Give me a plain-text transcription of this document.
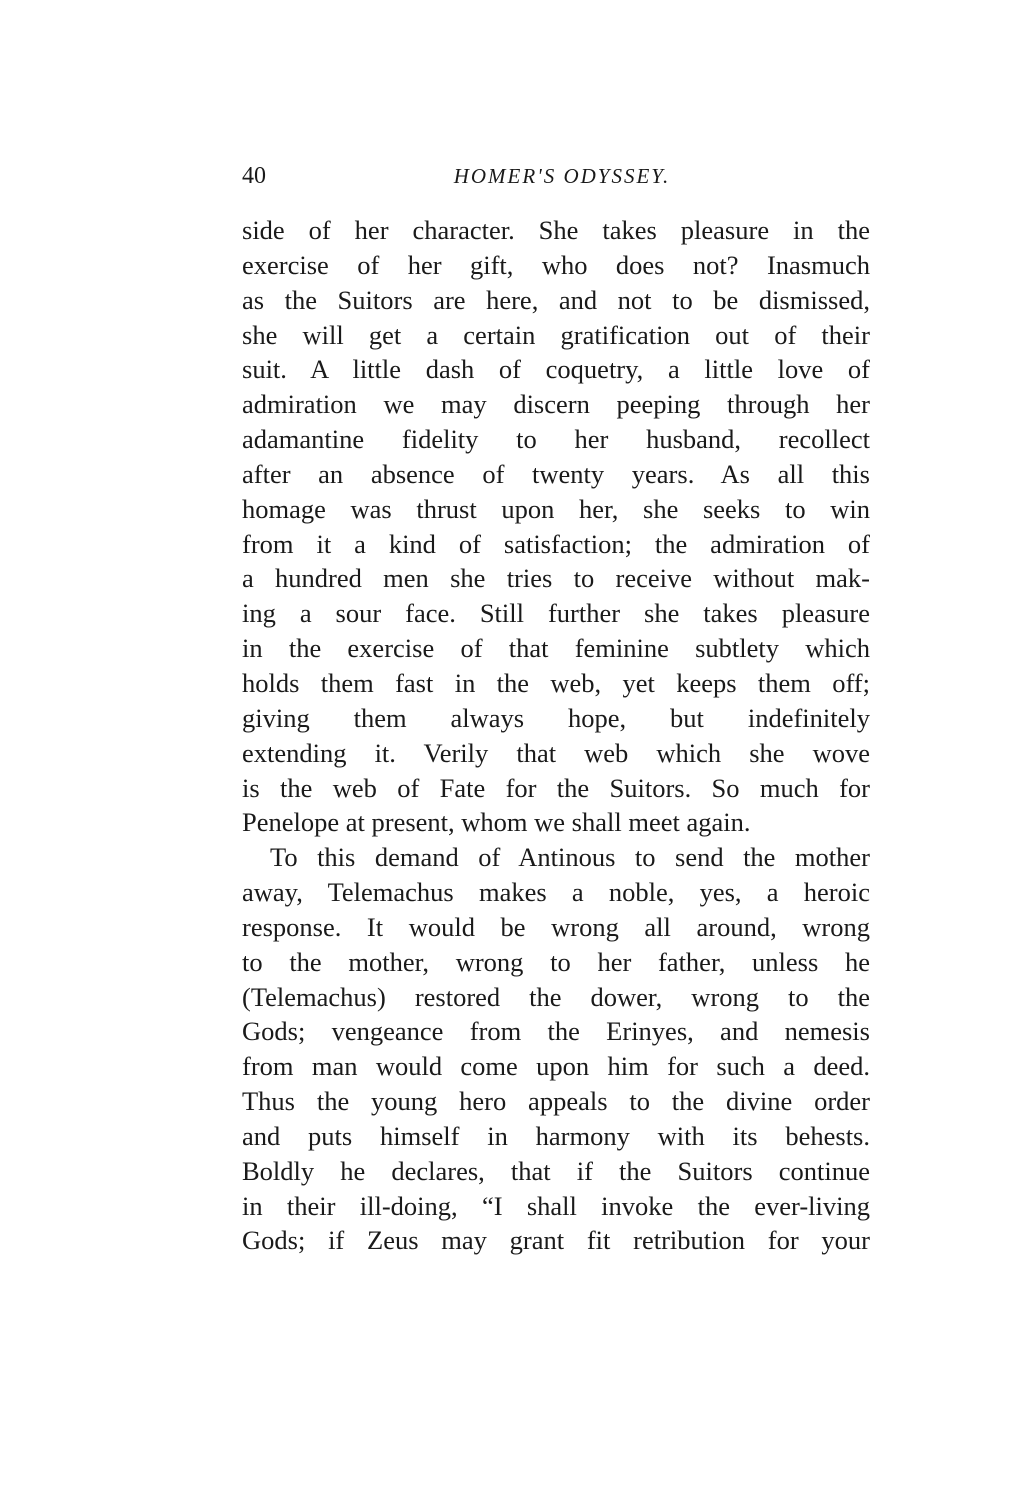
40	HOMER'S ODYSSEY.
side of her character. She takes pleasure in the
exercise of her gift, who does not? Inasmuch
as the Suitors are here, and not to be dismissed,
she will get a certain gratification out of their
suit. A little dash of coquetry, a little love of
admiration we may discern peeping through her
adamantine fidelity to her husband, recollect
after an absence of twenty years. As all this
homage was thrust upon her, she seeks to win
from it a kind of satisfaction; the admiration of
a hundred men she tries to receive without mak-
ing a sour face. Still further she takes pleasure
in the exercise of that feminine subtlety which
holds them fast in the web, yet keeps them off;
giving them always hope, but indefinitely
extending it. Verily that web which she wove
is the web of Fate for the Suitors. So much for
Penelope at present, whom we shall meet again.
To this demand of Antinous to send the mother
away, Telemachus makes a noble, yes, a heroic
response. It would be wrong all around, wrong
to the mother, wrong to her father, unless he
(Telemachus) restored the dower, wrong to the
Gods; vengeance from the Erinyes, and nemesis
from man would come upon him for such a deed.
Thus the young hero appeals to the divine order
and puts himself in harmony with its behests.
Boldly he declares, that if the Suitors continue
in their ill-doing, “I shall invoke the ever-living
Gods; if Zeus may grant fit retribution for your
